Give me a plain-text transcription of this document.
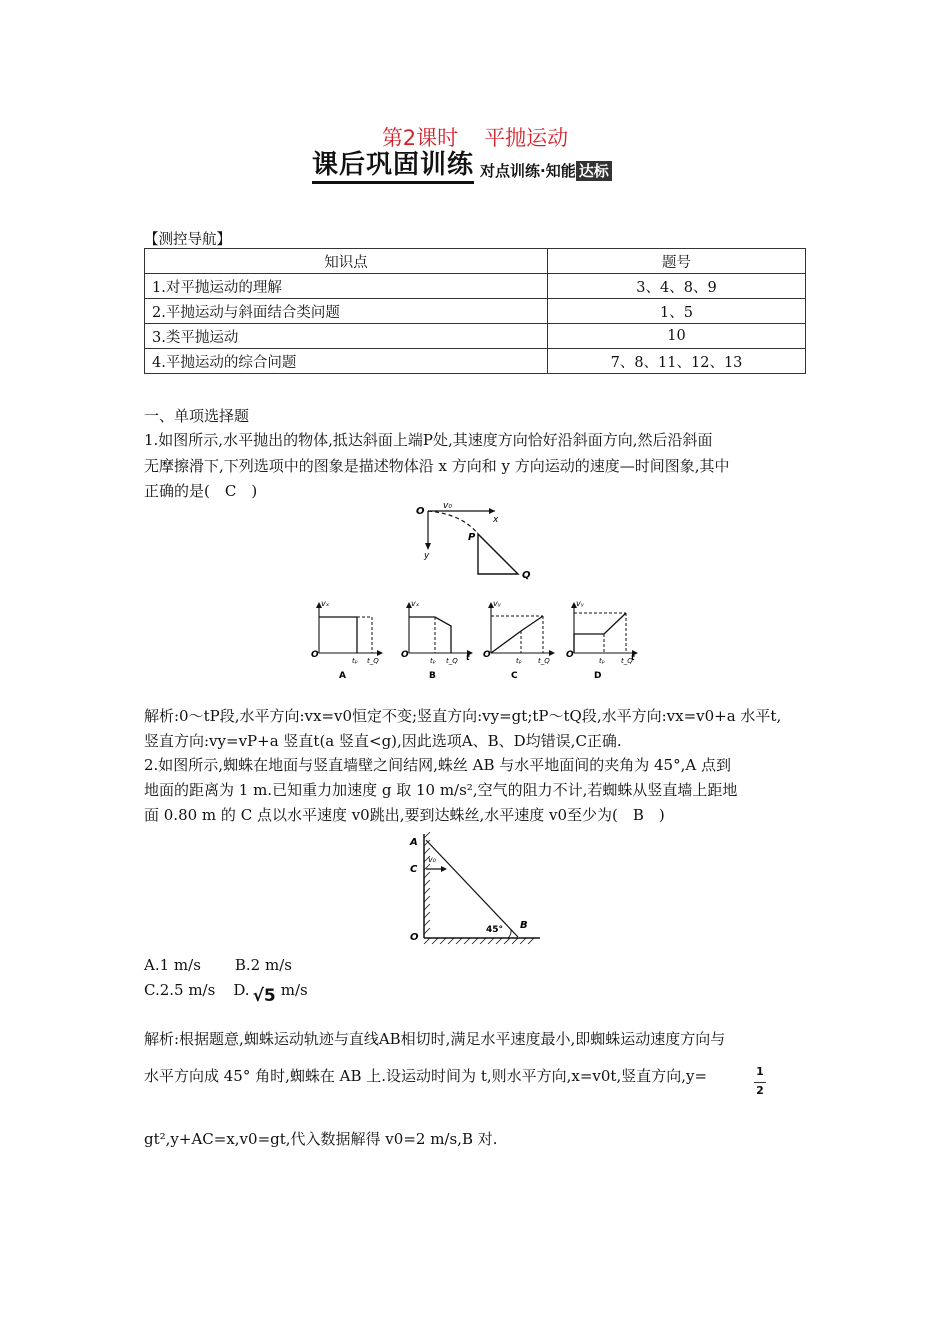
第2课时 平抛运动
课后巩固训练 对点训练·知能 达标
【测控导航】
知识点	题号
1.对平抛运动的理解	3、4、8、9
2.平抛运动与斜面结合类问题	1、5
3.类平抛运动	10
4.平抛运动的综合问题	7、8、11、12、13
一、单项选择题
1.如图所示,水平抛出的物体,抵达斜面上端P处,其速度方向恰好沿斜面方向,然后沿斜面
无摩擦滑下,下列选项中的图象是描述物体沿 x 方向和 y 方向运动的速度—时间图象,其中
正确的是(　C　)
O v₀
x
y
P
Q
O
vₓ
tₚ t_Q
A
O
vₓ
t
tₚ t_Q
B
O
vᵧ
tₚ t_Q
C
O
vᵧ
t
tₚ t_Q
D
解析:0～tP段,水平方向:vx=v0恒定不变;竖直方向:vy=gt;tP～tQ段,水平方向:vx=v0+a 水平t,
竖直方向:vy=vP+a 竖直t(a 竖直<g),因此选项A、B、D均错误,C正确.
2.如图所示,蜘蛛在地面与竖直墙壁之间结网,蛛丝 AB 与水平地面间的夹角为 45°,A 点到
地面的距离为 1 m.已知重力加速度 g 取 10 m/s²,空气的阻力不计,若蜘蛛从竖直墙上距地
面 0.80 m 的 C 点以水平速度 v0跳出,要到达蛛丝,水平速度 v0至少为(　B　)
A
C
O
B
45°
v₀
A.1 m/s B.2 m/s
C.2.5 m/s D. √5 m/s
解析:根据题意,蜘蛛运动轨迹与直线AB相切时,满足水平速度最小,即蜘蛛运动速度方向与
水平方向成 45° 角时,蜘蛛在 AB 上.设运动时间为 t,则水平方向,x=v0t,竖直方向,y=	1
2
gt²,y+AC=x,v0=gt,代入数据解得 v0=2 m/s,B 对.
